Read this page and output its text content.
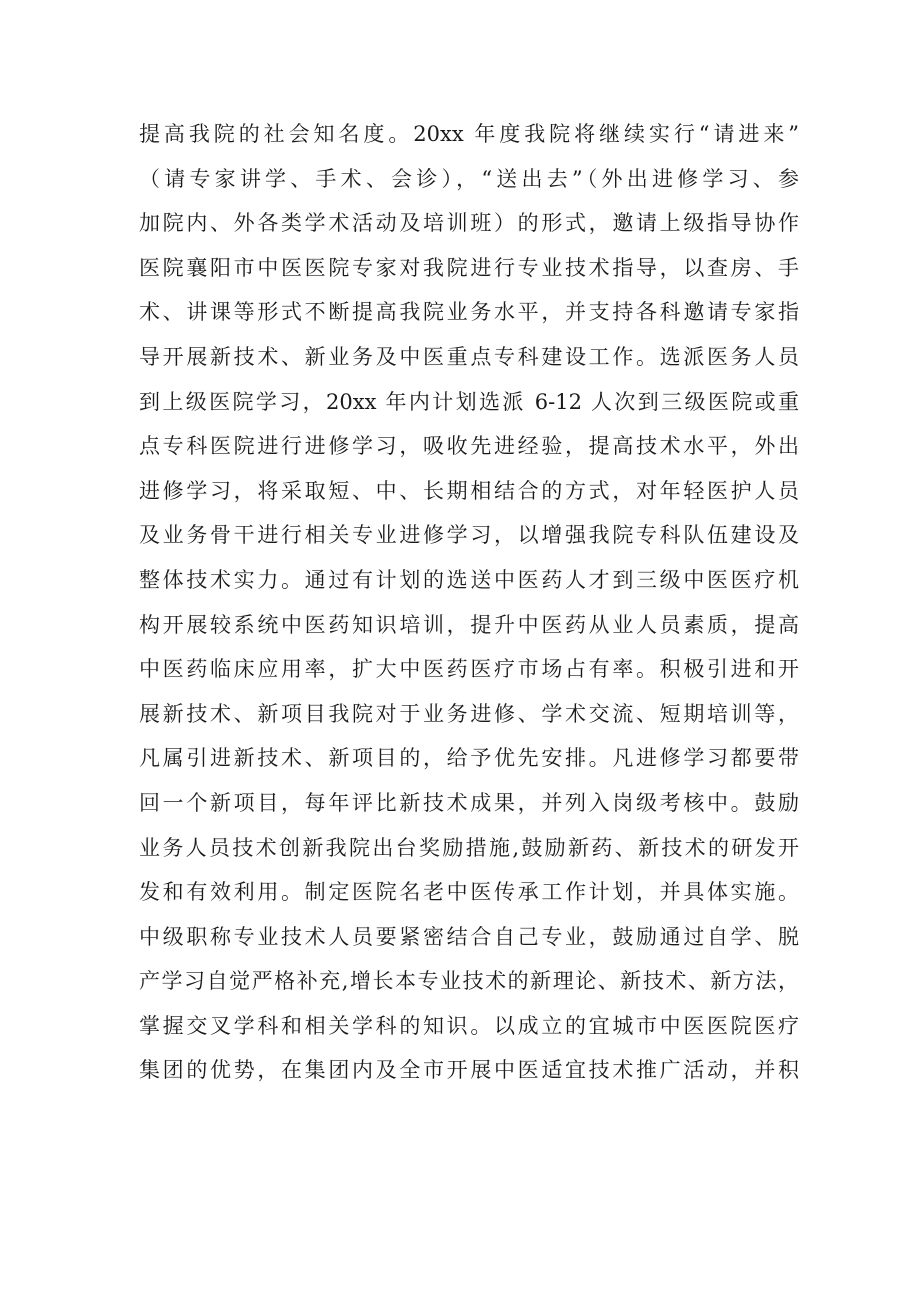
提高我院的社会知名度。20xx 年度我院将继续实行“请进来”
（请专家讲学、手术、会诊），“送出去”（外出进修学习、参
加院内、外各类学术活动及培训班）的形式，邀请上级指导协作
医院襄阳市中医医院专家对我院进行专业技术指导，以查房、手
术、讲课等形式不断提高我院业务水平，并支持各科邀请专家指
导开展新技术、新业务及中医重点专科建设工作。选派医务人员
到上级医院学习，20xx 年内计划选派 6-12 人次到三级医院或重
点专科医院进行进修学习，吸收先进经验，提高技术水平，外出
进修学习，将采取短、中、长期相结合的方式，对年轻医护人员
及业务骨干进行相关专业进修学习，以增强我院专科队伍建设及
整体技术实力。通过有计划的选送中医药人才到三级中医医疗机
构开展较系统中医药知识培训，提升中医药从业人员素质，提高
中医药临床应用率，扩大中医药医疗市场占有率。积极引进和开
展新技术、新项目我院对于业务进修、学术交流、短期培训等，
凡属引进新技术、新项目的，给予优先安排。凡进修学习都要带
回一个新项目，每年评比新技术成果，并列入岗级考核中。鼓励
业务人员技术创新我院出台奖励措施,鼓励新药、新技术的研发开
发和有效利用。制定医院名老中医传承工作计划，并具体实施。
中级职称专业技术人员要紧密结合自己专业，鼓励通过自学、脱
产学习自觉严格补充,增长本专业技术的新理论、新技术、新方法，
掌握交叉学科和相关学科的知识。以成立的宜城市中医医院医疗
集团的优势，在集团内及全市开展中医适宜技术推广活动，并积
